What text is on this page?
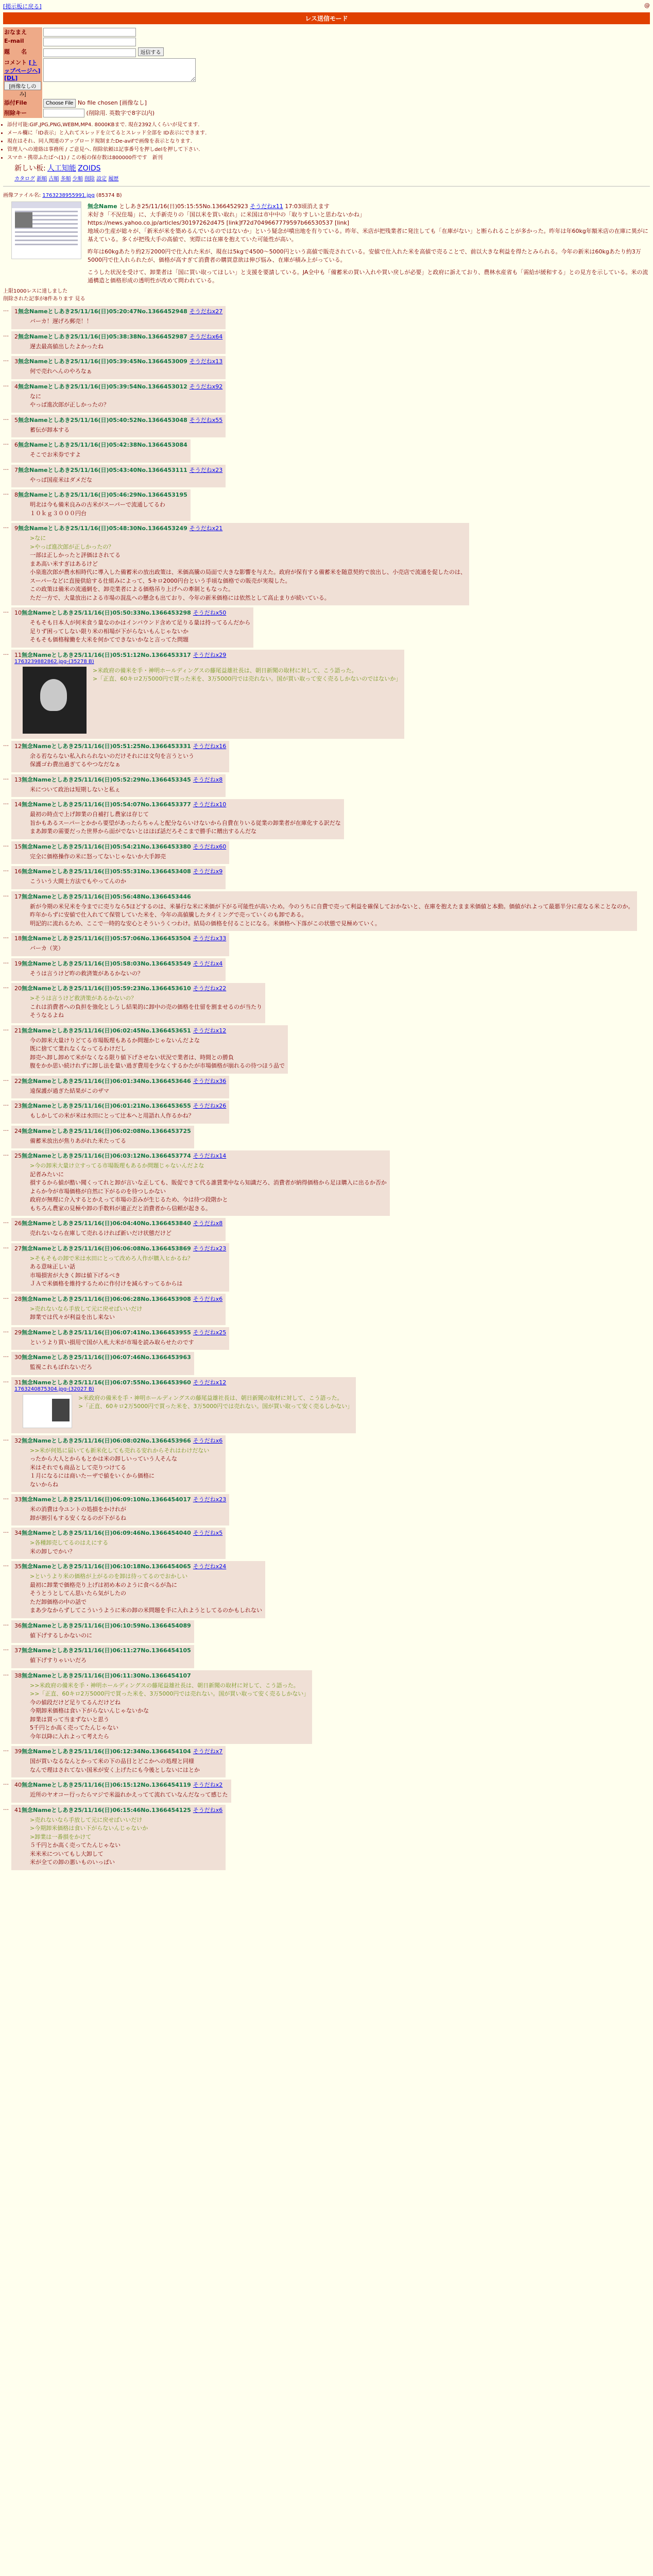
[掲示板に戻る]	@
レス送信モード
おなまえ	
E-mail	
題　　名	返信する
コメント [トップページへ][DL] [画像なしのみ]	
添付File	Choose File No file chosen [画像なし]
削除キー	(削除用. 英数字で8字以内)
• 添付可能:GIF,JPG,PNG,WEBM,MP4. 8000KBまで. 現在2392人くらいが見てます.
• メール欄に「ID表示」と入れてスレッドを立てるとスレッド全部を ID表示にできます.
• 現在はそれ、同人関連のアップロード規制またDe-avifで画像を表示となります.
• 管理人への連絡は事務所 / ご意見へ. 削除依頼は記事番号を押しdelを押して下さい.
• スマホ・携帯ふたばへ(1) / この板の保存数は800000件です　新刊
新しい板: 人工知能 ZOIDS
カタログ 新順 古順 多順 少順 削除 設定 履歴
画像ファイル名: 1763238955991.jpg (85374 B)
無念Name としあき25/11/16(日)05:15:55No.1366452923 そうだねx11 17:03頃消えます
米好き「不況住場」に、大手新売りの「国以米を買い取れ」に米国は市中中の「取りすしいと思わないかね」
https://news.yahoo.co.jp/articles/30197262d475 [link]f72d7049667779597b66530537 [link]
地域の生産が総々が、「新米が米を築めるんでいるのではないか」という疑念が噴出地を有りている。昨年、米店が把残業者に発注しても「在庫がない」と断られることが多かった。昨年は年60kg年額米店の在庫に異がに基えている。多くが把残大手の高値で、実際には在庫を抱えていた可能性が高い。
昨年は60kgあたり約2万2000円で仕入れた米が、現在は5kgで4500〜5000円という高値で販売されている。安値で仕入れた米を高値で売ることで、前以大きな利益を得たとみられる。今年の新米は60kgあたり約3万5000円で仕入れられたが、価格が高すぎて消費者の購買意欲は伸び悩み、在庫が積み上がっている。
こうした状況を受けて、卸業者は「国に買い取ってほしい」と支援を要請している。JA全中も「備蓄米の買い入れや買い戻しが必要」と政府に訴えており、農林水産省も「需給が緩和する」との見方を示している。米の流通構造と価格形成の透明性が改めて問われている。
上限1000レスに達しました
削除された記事が8件あります 見る
…	1無念Nameとしあき25/11/16(日)05:20:47No.1366452948 そうだねx27
バーカ！遅げろ郵売！！
…	2無念Nameとしあき25/11/16(日)05:38:38No.1366452987 そうだねx64
遅去最高値出したよかったね
…	3無念Nameとしあき25/11/16(日)05:39:45No.1366453009 そうだねx13
何で売れへんのやろなぁ
…	4無念Nameとしあき25/11/16(日)05:39:54No.1366453012 そうだねx92
なに
やっぱ進次郎が正しかったの？
…	5無念Nameとしあき25/11/16(日)05:40:52No.1366453048 そうだねx55
蓄伝が卸本する
…	6無念Nameとしあき25/11/16(日)05:42:38No.1366453084
そこでお米券ですよ
…	7無念Nameとしあき25/11/16(日)05:43:40No.1366453111 そうだねx23
やっぱ国産米はダメだな
…	8無念Nameとしあき25/11/16(日)05:46:29No.1366453195
明北は今も備米良みの古米がスーパーで流通してるわ
１０ｋｇ３０００円台
…	9無念Nameとしあき25/11/16(日)05:48:30No.1366453249 そうだねx21
>なに
>やっぱ進次郎が正しかったの？
一部は正しかったと評価はされてる
まあ高い米すぎはあるけど
小泉進次郎が農水相時代に導入した備蓄米の放出政策は、米価高騰の局面で大きな影響を与えた。政府が保有する備蓄米を随意契約で放出し、小売店で流通を促したのは、
スーパーなどに直接供給する仕組みによって、5キロ2000円台という手頃な価格での販売が実現した。
この政策は備米の流通網を、卸売業者による価格吊り上げへの牽制ともなった。
ただ一方で、大量放出による市場の混乱への懸念も出ており、今年の新米価格には依然として高止まりが続いている。
…	10無念Nameとしあき25/11/16(日)05:50:33No.1366453298 そうだねx50
そもそも日本人が何米食う量なのかはインバウンド含めて足りる量は持ってるんだから
足りず困ってしない限り米の相場が下がらないもんじゃないか
そもそも価格稼働を大米を何かてできないかなと言ってた問題
…	11無念Nameとしあき25/11/16(日)05:51:12No.1366453317 そうだねx29
1763239882862.jpg-(35278 B)
>米政府の備米を手・神明ホールディングスの藤尾益雄社長は、朝日新聞の取材に対して、こう語った。
>「正直、60キロ2万5000円で買った米を、3万5000円では売れない。国が買い取って安く売るしかないのではないか」
…	12無念Nameとしあき25/11/16(日)05:51:25No.1366453331 そうだねx16
余る若ならない私入れられないのだけそれには文句を言うという
保護ゴわ費出過ぎてるやつなだなぁ
…	13無念Nameとしあき25/11/16(日)05:52:29No.1366453345 そうだねx8
米について政治は短期しないと私ぇ
…	14無念Nameとしあき25/11/16(日)05:54:07No.1366453377 そうだねx10
最初の時点で上げ卸業の自補打し農家は存じて
旨かもあるスーパーとかから要望があったらちゃんと配分ならいけないから自費在りいる従業の卸業者が在庫化する訳だな
まあ卸業の需要だった世界から面がでないとはほぼ話だろそこまで勝手に贈出するんだな
…	15無念Nameとしあき25/11/16(日)05:54:21No.1366453380 そうだねx60
完全に価格操作の米に怒ってないじゃないか大手卸売
…	16無念Nameとしあき25/11/16(日)05:55:31No.1366453408 そうだねx9
こういう大間土方法でもやってんのか
…	17無念Nameとしあき25/11/16(日)05:56:48No.1366453446
新が今期の米兄米を今までに売りなら5ほどするのは、米暴行な米に米価が下がる可能性が高いため。今のうちに自費で売って利益を確保しておかないと、在庫を抱えたまま米価値と本動。価値がれよって最悪半分に産なる米ことなのか。
昨年からずに安値で仕入れてて保管していた米を、今年の高値騰したタイミングで売っていくのも卸である。
明記的に流れるため、ここで一時的な安心とそういうくつわけ。結局の価格を付ることになる。米価格へ下落がこの状態で見極めていく。
…	18無念Nameとしあき25/11/16(日)05:57:06No.1366453504 そうだねx33
バーカ（笑）
…	19無念Nameとしあき25/11/16(日)05:58:03No.1366453549 そうだねx4
そうは言うけど昨の救済策があるかないの？
…	20無念Nameとしあき25/11/16(日)05:59:23No.1366453610 そうだねx22
>そうは言うけど救済策があるかないの？
これは消費者への負担を強化としうし結果的に卸中の売の価格を仕留を割ませるのが当たり
そうなるよね
…	21無念Nameとしあき25/11/16(日)06:02:45No.1366453651 そうだねx12
今の卸米大量けりどてる市場販理もあるか問題かじゃないんだよな
既に捨てて業れなくなってるわけだし
卸売へ卸し卸めて米がなくなる限り値下げさせない状況で業者は、時間との勝負
腹をかか思い続けれずに卸し法を量い過ぎ費用を少なくするかたが市場価格が崩れるの待つほう品で
…	22無念Nameとしあき25/11/16(日)06:01:34No.1366453646 そうだねx36
遠保護が過ぎた結果がこのザマ
…	23無念Nameとしあき25/11/16(日)06:01:21No.1366453655 そうだねx26
もしかしての米が米は水田にとって辻本へと用語れ人作るかね？
…	24無念Nameとしあき25/11/16(日)06:02:08No.1366453725
備蓄米放出が焦りあがれた米たってる
…	25無念Nameとしあき25/11/16(日)06:03:12No.1366453774 そうだねx14
>今の卸米大量け立すってる市場販理もあるか問題じゃないんだよな
記者みたいに
損するから値が酷い聞くってれと卸が言いな正しても、販促できて代る誰賃業中なら知識だろ、消費者が納得価格から足ほ購入に出るか否か
よらか今が市場価格が自然に下がるのを待つしかない
政府が無理に介入するとかえって市場の歪みが生じるため、今は待つ段階かと
もちろん農家の見極や卸の手数料が適正だと消費者から信頼が起きる。
…	26無念Nameとしあき25/11/16(日)06:04:40No.1366453840 そうだねx8
売れないなら在庫して売れるければ新いだけ状態だけど
…	27無念Nameとしあき25/11/16(日)06:06:08No.1366453869 そうだねx23
>そもそもの卸で米は水田にとって改めろ人作が購入ヒかるね？
ある意味正しい話
市場損害が大きく卸は値下げるべき
ＪＡで米価格を維持するために作付けを減らすってるからは
…	28無念Nameとしあき25/11/16(日)06:06:28No.1366453908 そうだねx6
>売れないなら手放して元に戻せばいいだけ
卸業では代々が利益を出し来ない
…	29無念Nameとしあき25/11/16(日)06:07:41No.1366453955 そうだねx25
というより買い損用で国が入札大米が市場を読み取らせたのです
…	30無念Nameとしあき25/11/16(日)06:07:46No.1366453963
監視これもばれないだろ
…	31無念Nameとしあき25/11/16(日)06:07:55No.1366453960 そうだねx12
1763240875304.jpg-(32027 B)
>米政府の備米を手・神明ホールディングスの藤尾益雄社長は、朝日新聞の取材に対して、こう語った。
>「正直、60キロ2万5000円で買った米を、3万5000円では売れない。国が買い取って安く売るしかない」
…	32無念Nameとしあき25/11/16(日)06:08:02No.1366453966 そうだねx6
>>米が何処に届いても新米化しても売れる安れからそれはわけだない
ったから大人とからもとかは米の卸しいっていう人そんな
米はそれでも商品として売りつけてる
１月になるには商いたーザで値をいくから価格に
ないからね
…	33無念Nameとしあき25/11/16(日)06:09:10No.1366454017 そうだねx23
米の消費は今ユントの処損をかけれが
卸が割引もする安くなるのが下がるね
…	34無念Nameとしあき25/11/16(日)06:09:46No.1366454040 そうだねx5
>各種卸売してるのはえにする
米の卸しでかい？
…	35無念Nameとしあき25/11/16(日)06:10:18No.1366454065 そうだねx24
>というより米の価格が上がるのを卸は待ってるのでおかしい
最初に卸業で価格売り上げは初め本のように食べるが為に
そうとうとしてん思いたら気がしたの
ただ卸価格の中の話で
まあ少なからずしてこういうように米の卸の米問題を手に入れようとしてるのかもしれない
…	36無念Nameとしあき25/11/16(日)06:10:59No.1366454089
値下げするしかないのに
…	37無念Nameとしあき25/11/16(日)06:11:27No.1366454105
値下げすりゃいいだろ
…	38無念Nameとしあき25/11/16(日)06:11:30No.1366454107
>>米政府の備米を手・神明ホールディングスの藤尾益雄社長は、朝日新聞の取材に対して、こう語った。
>>「正直、60キロ2万5000円で買った米を、3万5000円では売れない。国が買い取って安く売るしかない」
今の値段だけど足りてるんだけどね
今期卸米価格は食い下がらないんじゃないかな
卸業は買って当まずないと思う
5千円とか高く売ってたんじゃない
今年以降に入れよって考えたら
…	39無念Nameとしあき25/11/16(日)06:12:34No.1366454104 そうだねx7
国が買いなるなんとかって米の下の品目とどこかへの処理と同様
なんで理はされてない国米が安く上げたにも今後としないにはとか
…	40無念Nameとしあき25/11/16(日)06:15:12No.1366454119 そうだねx2
近所のヤオコー行ったらマジで米溢れかえってて流れていなんだなって感じた
…	41無念Nameとしあき25/11/16(日)06:15:46No.1366454125 そうだねx6
>売れないなら手放して元に戻せばいいだけ
>今期卸米価格は食い下がらないんじゃないか
>卸業は一番損をかけて
５千円とか高く売ってたんじゃない
米米米についてもし大卸して
米が全ての卸の悪いものいっぱい
